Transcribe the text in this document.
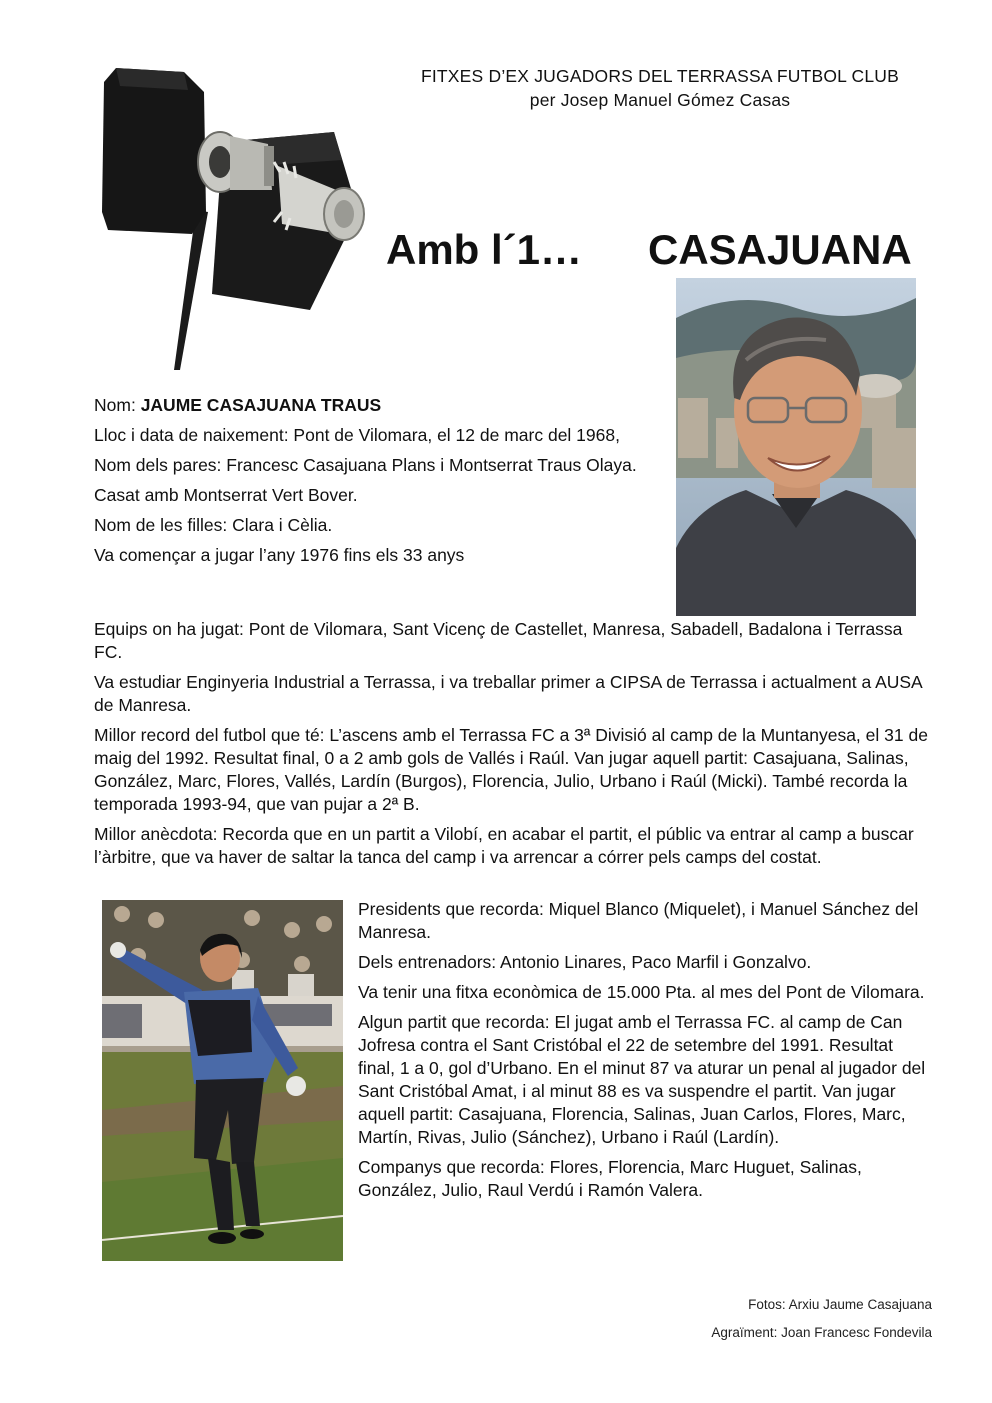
FITXES D’EX JUGADORS DEL TERRASSA FUTBOL CLUB
per Josep Manuel Gómez Casas
Amb l´1… CASAJUANA

Nom: JAUME CASAJUANA TRAUS

Lloc i data de naixement: Pont de Vilomara, el 12 de marc del 1968,

Nom dels pares: Francesc Casajuana Plans i Montserrat Traus Olaya.

Casat amb Montserrat Vert Bover.

Nom de les filles: Clara i Cèlia.

Va començar a jugar l’any 1976 fins els 33 anys

Equips on ha jugat: Pont de Vilomara, Sant Vicenç de Castellet, Manresa, Sabadell, Badalona i Terrassa FC.

Va estudiar Enginyeria Industrial a Terrassa, i va treballar primer a CIPSA de Terrassa i actualment a AUSA de Manresa.

Millor record del futbol que té: L’ascens amb el Terrassa FC a 3ª Divisió al camp de la Muntanyesa, el 31 de maig del 1992. Resultat final, 0 a 2 amb gols de Vallés i Raúl. Van jugar aquell partit: Casajuana, Salinas, González, Marc, Flores, Vallés, Lardín (Burgos), Florencia, Julio, Urbano i Raúl (Micki). També recorda la temporada 1993-94, que van pujar a 2ª B.

Millor anècdota: Recorda que en un partit a Vilobí, en acabar el partit, el públic va entrar al camp a buscar l’àrbitre, que va haver de saltar la tanca del camp i va arrencar a córrer pels camps del costat.

Presidents que recorda: Miquel Blanco (Miquelet), i Manuel Sánchez del Manresa.

Dels entrenadors: Antonio Linares, Paco Marfil i Gonzalvo.

Va tenir una fitxa econòmica de 15.000 Pta. al mes del Pont de Vilomara.

Algun partit que recorda: El jugat amb el Terrassa FC. al camp de Can Jofresa contra el Sant Cristóbal el 22 de setembre del 1991. Resultat final, 1 a 0, gol d’Urbano. En el minut 87 va aturar un penal al jugador del Sant Cristóbal Amat, i al minut 88 es va suspendre el partit. Van jugar aquell partit: Casajuana, Florencia, Salinas, Juan Carlos, Flores, Marc, Martín, Rivas, Julio (Sánchez), Urbano i Raúl (Lardín).

Companys que recorda: Flores, Florencia, Marc Huguet, Salinas, González, Julio, Raul Verdú i Ramón Valera.

Fotos: Arxiu Jaume Casajuana
Agraïment: Joan Francesc Fondevila
